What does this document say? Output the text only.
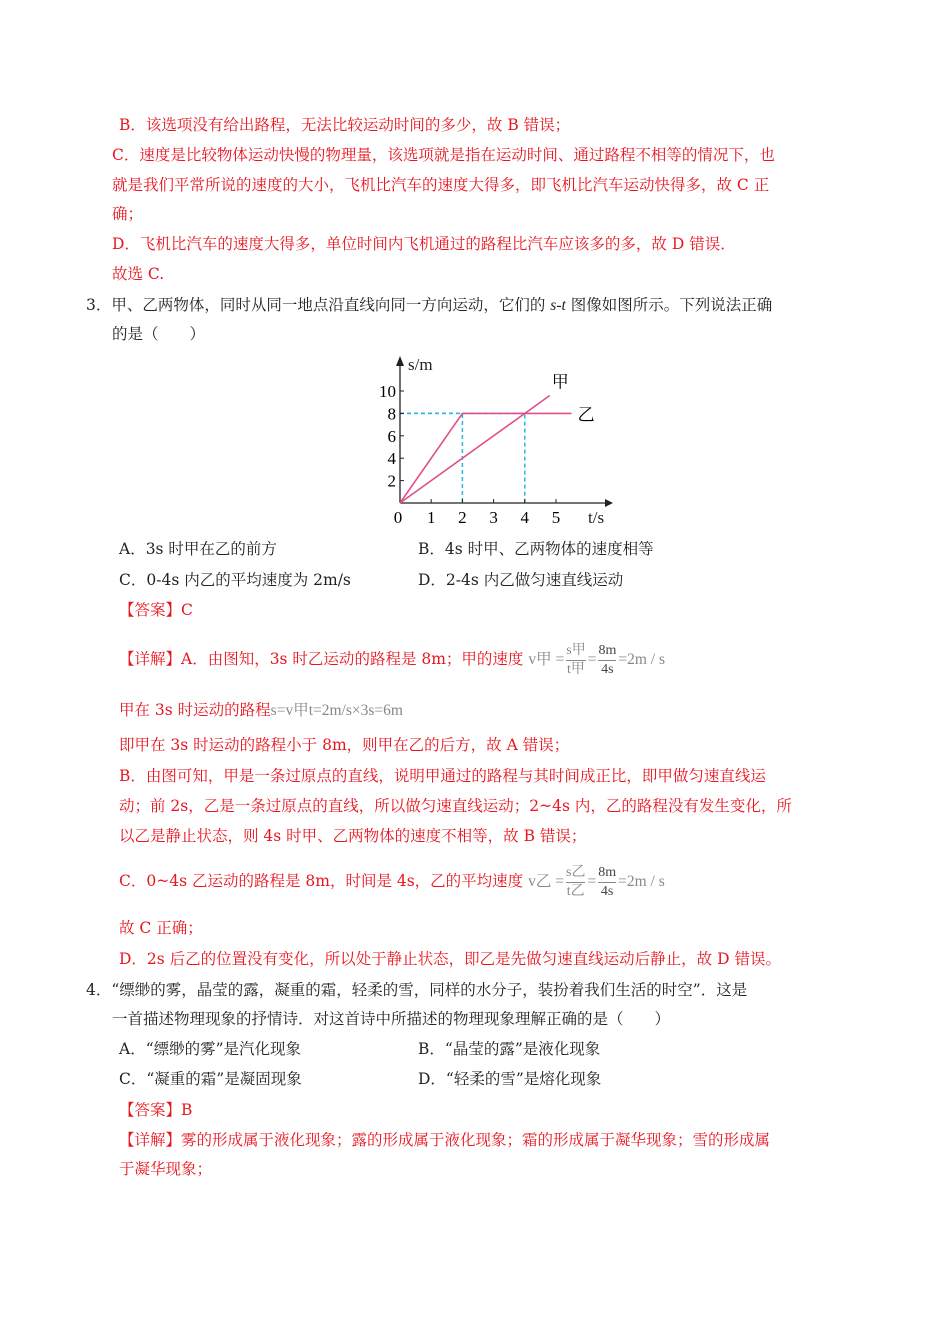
B．该选项没有给出路程，无法比较运动时间的多少，故 B 错误；
C．速度是比较物体运动快慢的物理量，该选项就是指在运动时间、通过路程不相等的情况下，也
就是我们平常所说的速度的大小，飞机比汽车的速度大得多，即飞机比汽车运动快得多，故 C 正
确；
D．飞机比汽车的速度大得多，单位时间内飞机通过的路程比汽车应该多的多，故 D 错误．
故选 C.
3．甲、乙两物体，同时从同一地点沿直线向同一方向运动，它们的 s-t 图像如图所示。下列说法正确
的是（　　）
0 1 2 3 4 5
2
4
6
8
10
甲
乙
s/m
t/s
A．3s 时甲在乙的前方	B．4s 时甲、乙两物体的速度相等
C．0-4s 内乙的平均速度为 2m/s	D．2-4s 内乙做匀速直线运动
【答案】C
【详解】A．由图知，3s 时乙运动的路程是 8m；甲的速度 v甲 = $\frac{\text{s甲}}{\text{t甲}} = \frac{8m}{4s} =2m / s$
甲在 3s 时运动的路程s=v甲t=2m/s×3s=6m
即甲在 3s 时运动的路程小于 8m，则甲在乙的后方，故 A 错误；
B．由图可知，甲是一条过原点的直线，说明甲通过的路程与其时间成正比，即甲做匀速直线运
动；前 2s，乙是一条过原点的直线，所以做匀速直线运动；2~4s 内，乙的路程没有发生变化，所
以乙是静止状态，则 4s 时甲、乙两物体的速度不相等，故 B 错误；
C．0~4s 乙运动的路程是 8m，时间是 4s，乙的平均速度 v乙 = $\frac{\text{s乙}}{\text{t乙}} = \frac{8m}{4s} =2m / s$
故 C 正确；
D．2s 后乙的位置没有变化，所以处于静止状态，即乙是先做匀速直线运动后静止，故 D 错误。
4．“缥缈的雾，晶莹的露，凝重的霜，轻柔的雪，同样的水分子，装扮着我们生活的时空”．这是
一首描述物理现象的抒情诗．对这首诗中所描述的物理现象理解正确的是（　　）
A．“缥缈的雾”是汽化现象	B．“晶莹的露”是液化现象
C．“凝重的霜”是凝固现象	D．“轻柔的雪”是熔化现象
【答案】B
【详解】雾的形成属于液化现象；露的形成属于液化现象；霜的形成属于凝华现象；雪的形成属
于凝华现象；
